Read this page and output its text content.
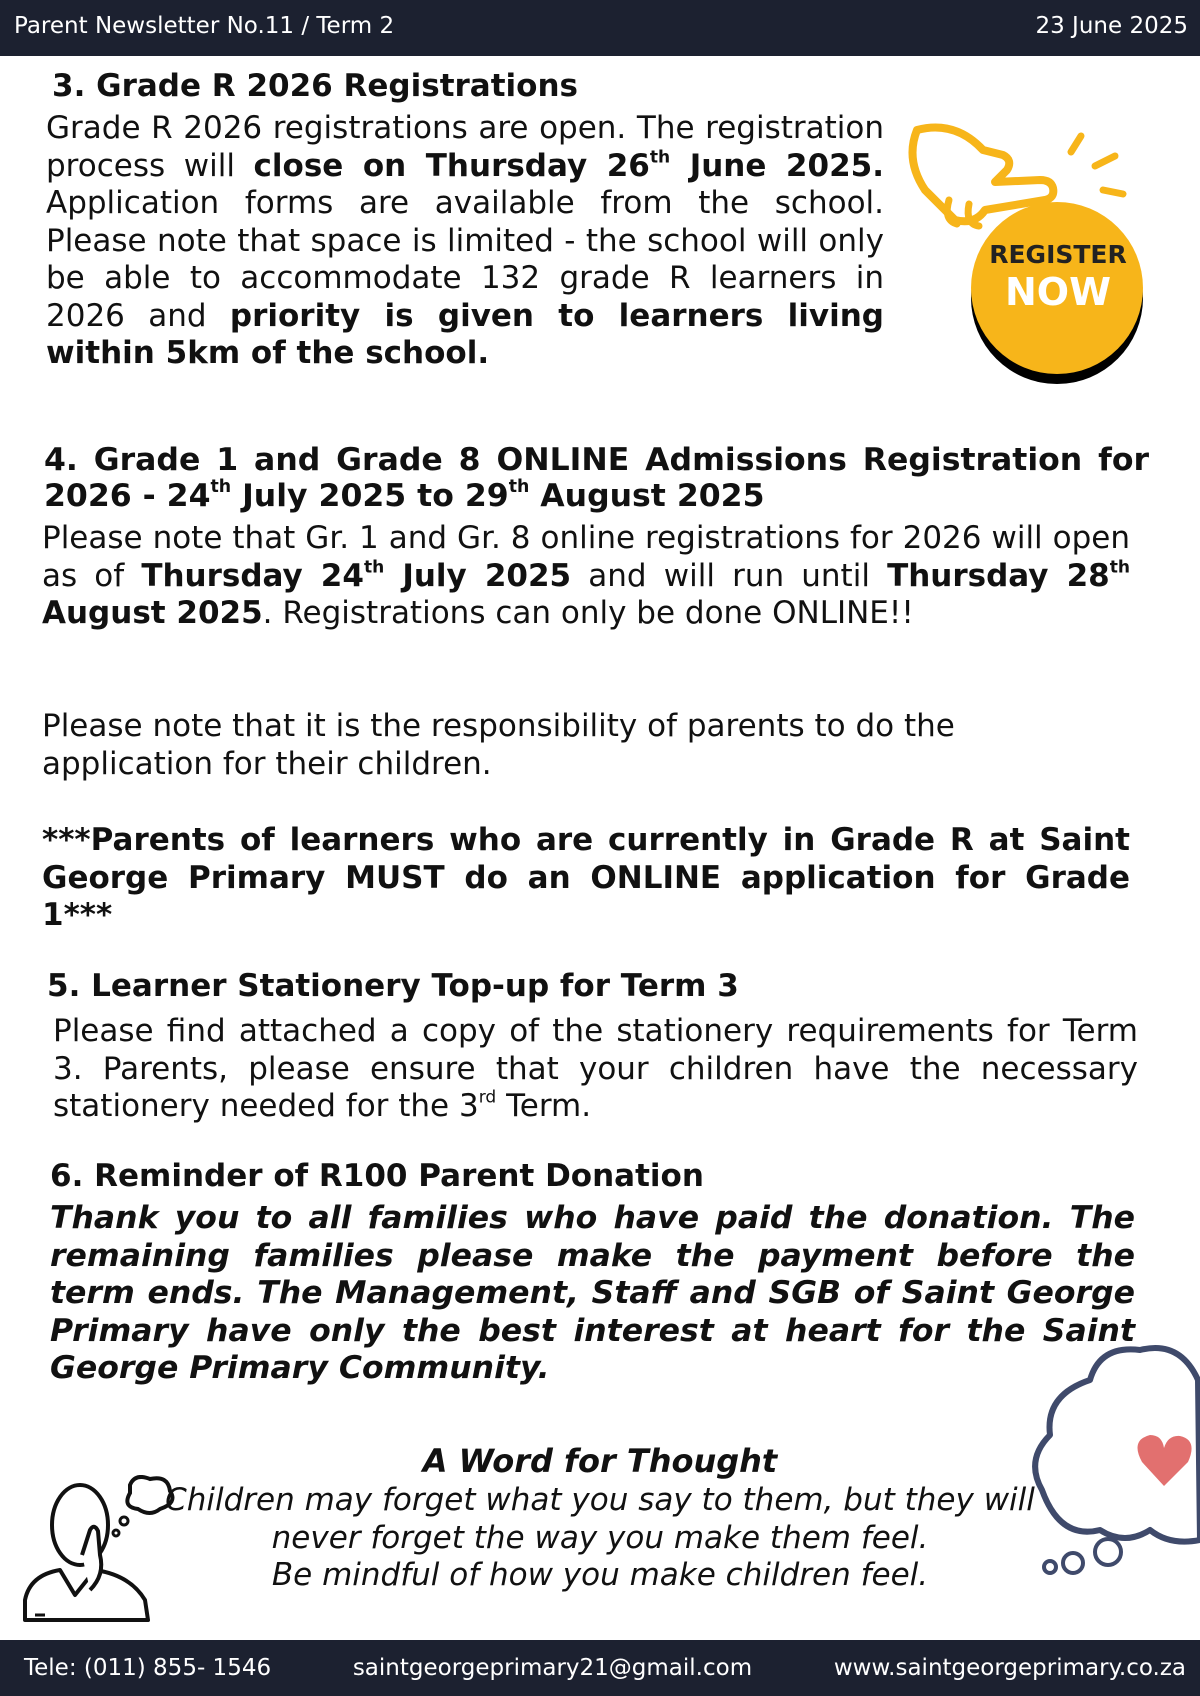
Parent Newsletter No.11 / Term 2	23 June 2025
3. Grade R 2026 Registrations

Grade R 2026 registrations are open. The registration process will close on Thursday 26th June 2025. Application forms are available from the school. Please note that space is limited - the school will only be able to accommodate 132 grade R learners in 2026 and priority is given to learners living within 5km of the school.

REGISTER
NOW
4. Grade 1 and Grade 8 ONLINE Admissions Registration for 2026 - 24th July 2025 to 29th August 2025

Please note that Gr. 1 and Gr. 8 online registrations for 2026 will open as of Thursday 24th July 2025 and will run until Thursday 28th August 2025. Registrations can only be done ONLINE!!

Please note that it is the responsibility of parents to do the application for their children.

***Parents of learners who are currently in Grade R at Saint George Primary MUST do an ONLINE application for Grade 1***

5. Learner Stationery Top-up for Term 3

Please find attached a copy of the stationery requirements for Term 3. Parents, please ensure that your children have the necessary stationery needed for the 3rd Term.

6. Reminder of R100 Parent Donation

Thank you to all families who have paid the donation. The remaining families please make the payment before the term ends. The Management, Staff and SGB of Saint George Primary have only the best interest at heart for the Saint George Primary Community.

A Word for Thought
Children may forget what you say to them, but they will never forget the way you make them feel.
Be mindful of how you make children feel.
Tele: (011) 855- 1546	saintgeorgeprimary21@gmail.com	www.saintgeorgeprimary.co.za
